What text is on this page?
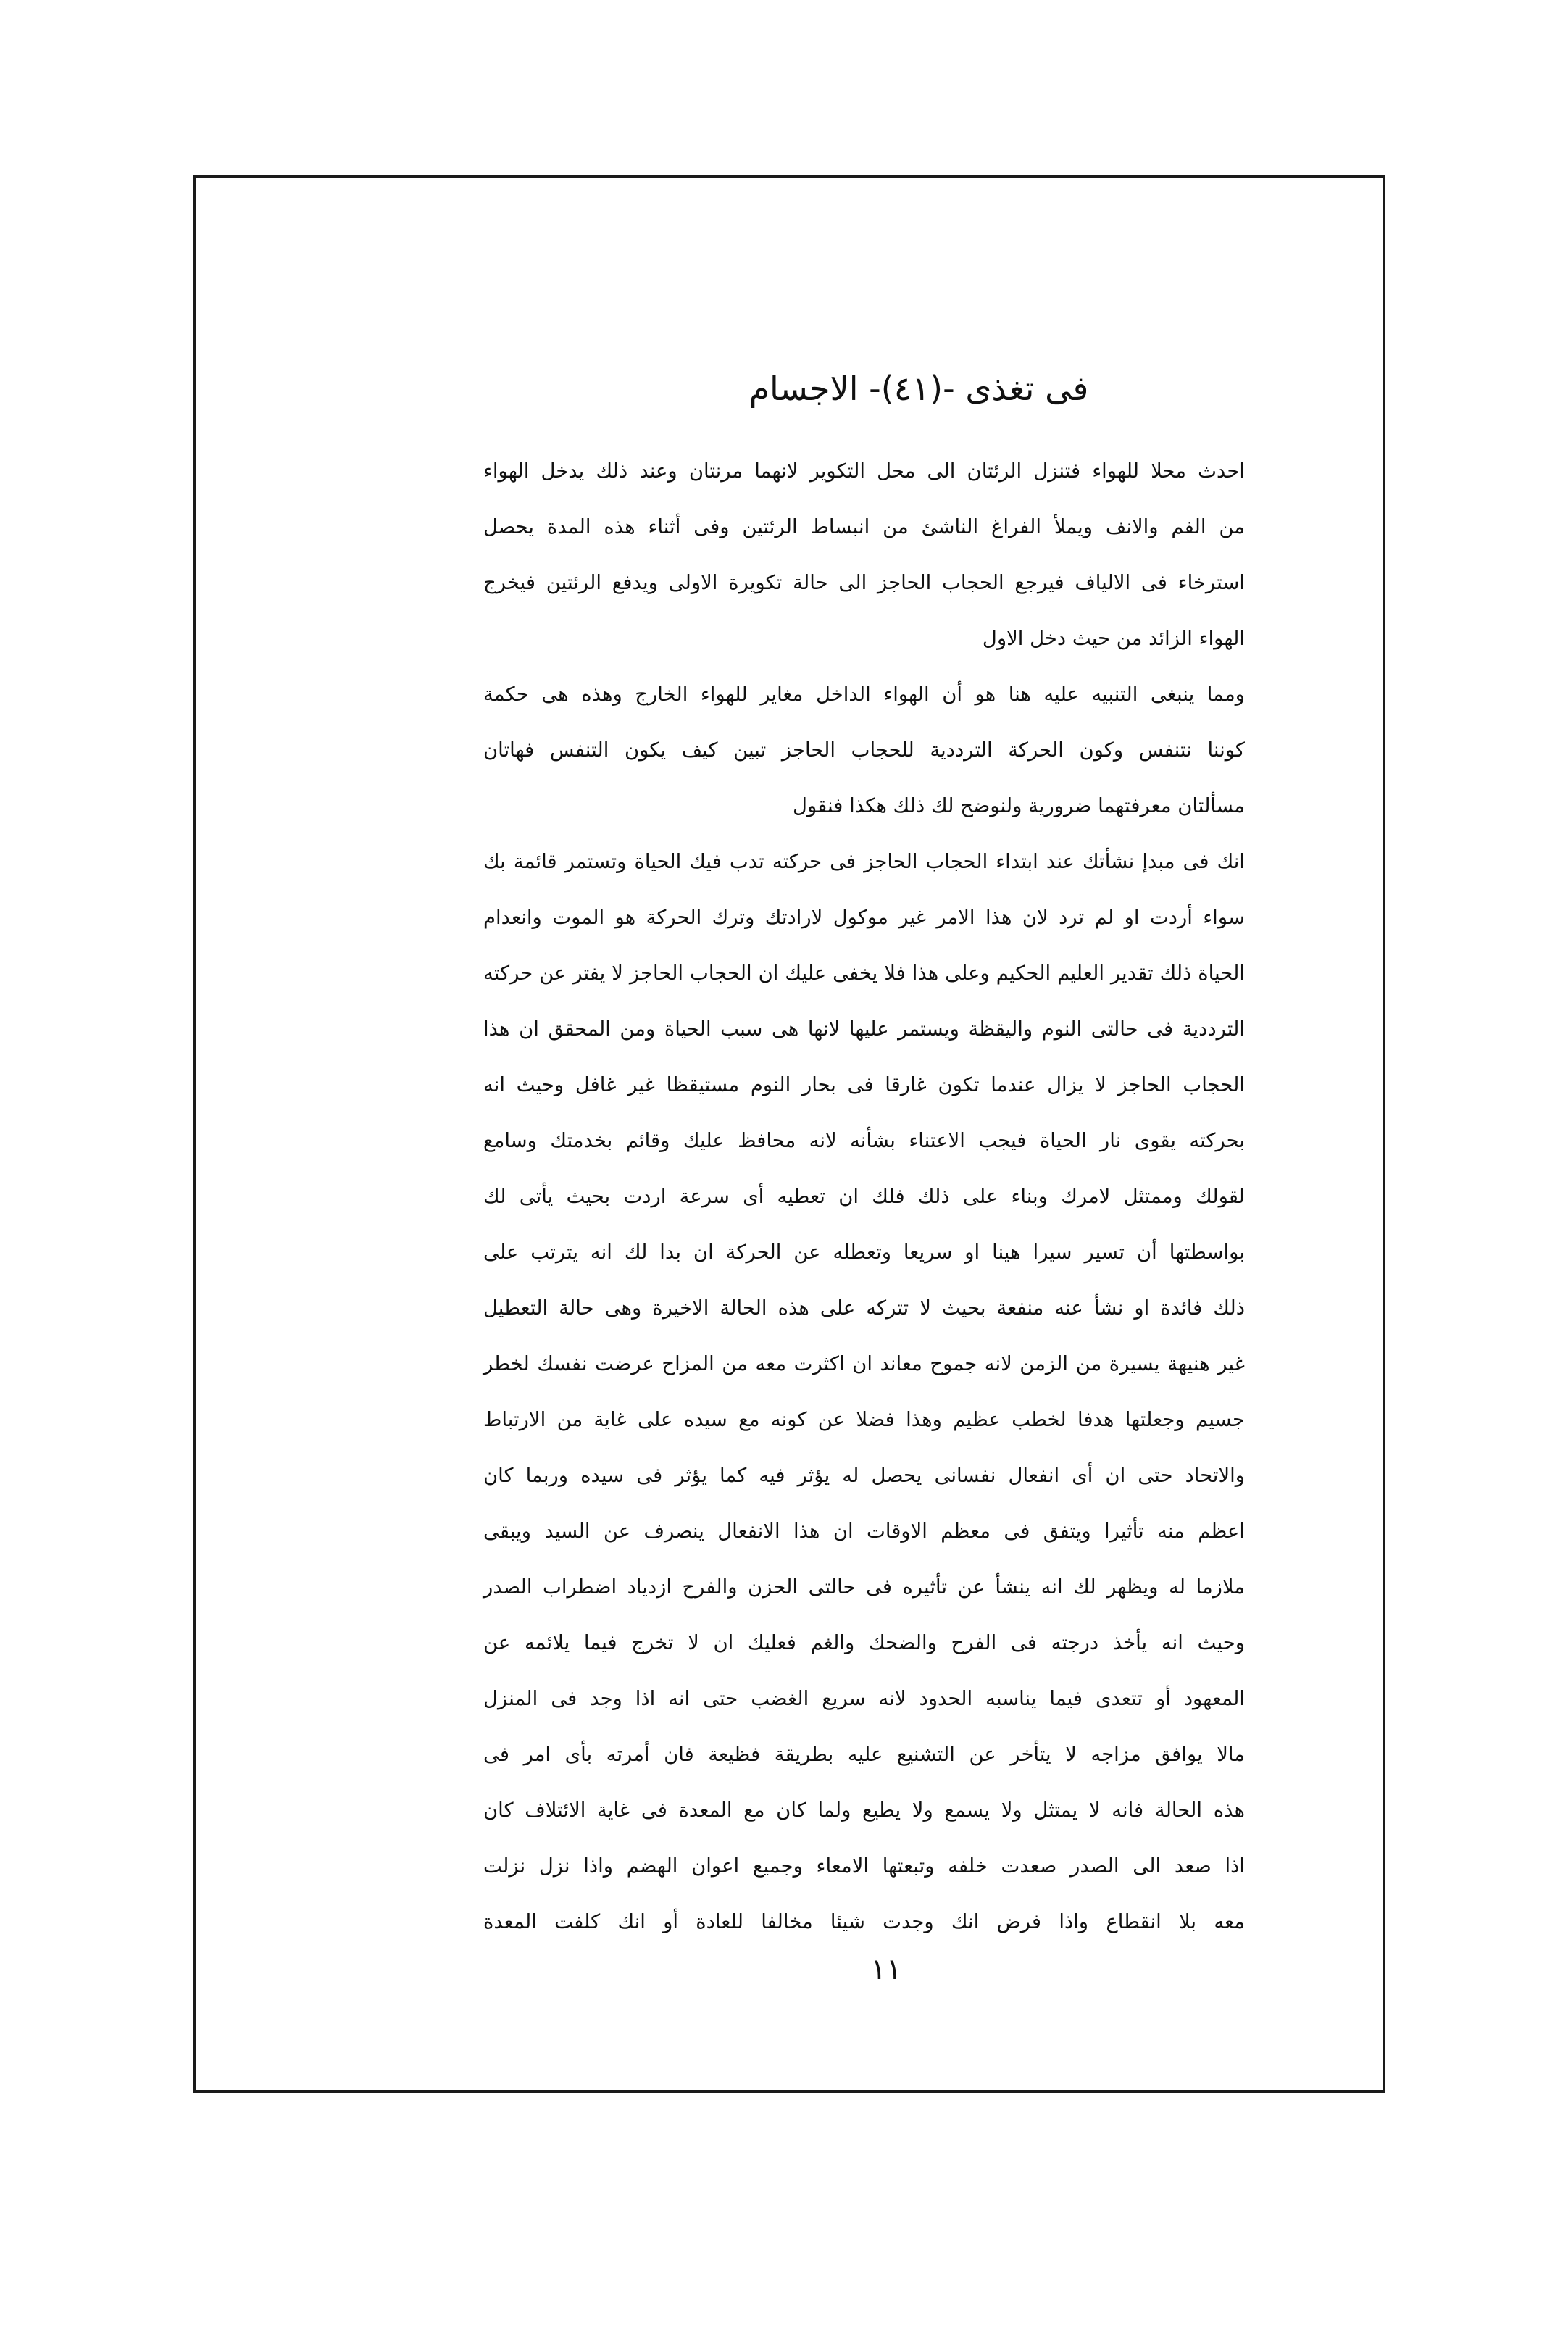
فى تغذى -(٤١)- الاجسام
احدث محلا للهواء فتنزل الرئتان الى محل التكوير لانهما مرنتان وعند ذلك يدخل الهواء
من الفم والانف ويملأ الفراغ الناشئ من انبساط الرئتين وفى أثناء هذه المدة يحصل
استرخاء فى الالياف فيرجع الحجاب الحاجز الى حالة تكويرة الاولى ويدفع الرئتين فيخرج
الهواء الزائد من حيث دخل الاول
ومما ينبغى التنبيه عليه هنا هو أن الهواء الداخل مغاير للهواء الخارج وهذه هى حكمة
كوننا نتنفس وكون الحركة الترددية للحجاب الحاجز تبين كيف يكون التنفس فهاتان
مسألتان معرفتهما ضرورية ولنوضح لك ذلك هكذا فنقول
انك فى مبدإ نشأتك عند ابتداء الحجاب الحاجز فى حركته تدب فيك الحياة وتستمر قائمة بك
سواء أردت او لم ترد لان هذا الامر غير موكول لارادتك وترك الحركة هو الموت وانعدام
الحياة ذلك تقدير العليم الحكيم وعلى هذا فلا يخفى عليك ان الحجاب الحاجز لا يفتر عن حركته
الترددية فى حالتى النوم واليقظة ويستمر عليها لانها هى سبب الحياة ومن المحقق ان هذا
الحجاب الحاجز لا يزال عندما تكون غارقا فى بحار النوم مستيقظا غير غافل وحيث انه
بحركته يقوى نار الحياة فيجب الاعتناء بشأنه لانه محافظ عليك وقائم بخدمتك وسامع
لقولك وممتثل لامرك وبناء على ذلك فلك ان تعطيه أى سرعة اردت بحيث يأتى لك
بواسطتها أن تسير سيرا هينا او سريعا وتعطله عن الحركة ان بدا لك انه يترتب على
ذلك فائدة او نشأ عنه منفعة بحيث لا تتركه على هذه الحالة الاخيرة وهى حالة التعطيل
غير هنيهة يسيرة من الزمن لانه جموح معاند ان اكثرت معه من المزاح عرضت نفسك لخطر
جسيم وجعلتها هدفا لخطب عظيم وهذا فضلا عن كونه مع سيده على غاية من الارتباط
والاتحاد حتى ان أى انفعال نفسانى يحصل له يؤثر فيه كما يؤثر فى سيده وربما كان
اعظم منه تأثيرا ويتفق فى معظم الاوقات ان هذا الانفعال ينصرف عن السيد ويبقى
ملازما له ويظهر لك انه ينشأ عن تأثيره فى حالتى الحزن والفرح ازدياد اضطراب الصدر
وحيث انه يأخذ درجته فى الفرح والضحك والغم فعليك ان لا تخرج فيما يلائمه عن
المعهود أو تتعدى فيما يناسبه الحدود لانه سريع الغضب حتى انه اذا وجد فى المنزل
مالا يوافق مزاجه لا يتأخر عن التشنيع عليه بطريقة فظيعة فان أمرته بأى امر فى
هذه الحالة فانه لا يمتثل ولا يسمع ولا يطيع ولما كان مع المعدة فى غاية الائتلاف كان
اذا صعد الى الصدر صعدت خلفه وتبعتها الامعاء وجميع اعوان الهضم واذا نزل نزلت
معه بلا انقطاع واذا فرض انك وجدت شيئا مخالفا للعادة أو انك كلفت المعدة
١١
